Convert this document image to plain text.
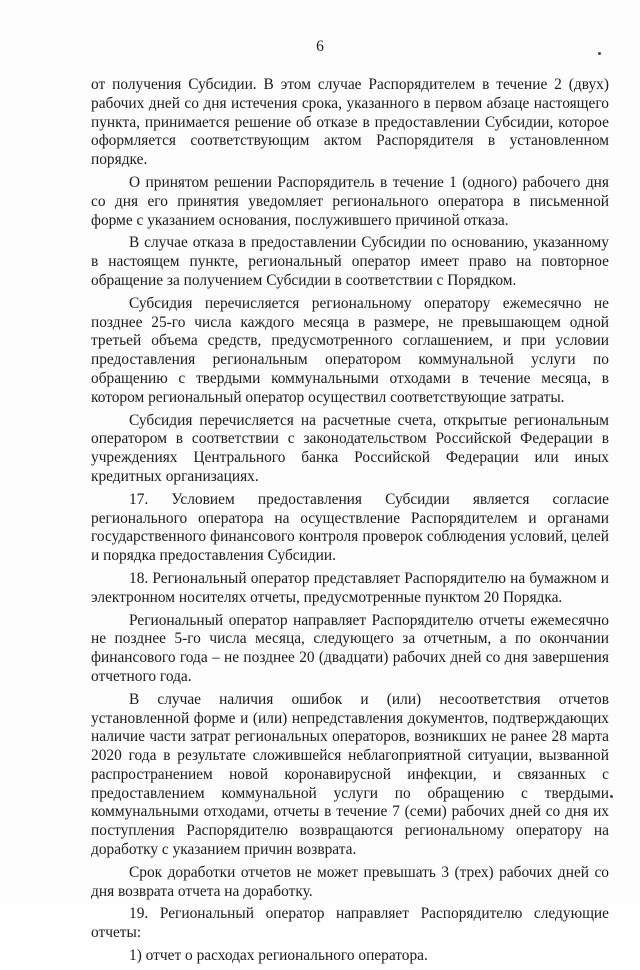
6

от получения Субсидии. В этом случае Распорядителем в течение 2 (двух) рабочих дней со дня истечения срока, указанного в первом абзаце настоящего пункта, принимается решение об отказе в предоставлении Субсидии, которое оформляется соответствующим актом Распорядителя в установленном порядке.

О принятом решении Распорядитель в течение 1 (одного) рабочего дня со дня его принятия уведомляет регионального оператора в письменной форме с указанием основания, послужившего причиной отказа.

В случае отказа в предоставлении Субсидии по основанию, указанному в настоящем пункте, региональный оператор имеет право на повторное обращение за получением Субсидии в соответствии с Порядком.

Субсидия перечисляется региональному оператору ежемесячно не позднее 25-го числа каждого месяца в размере, не превышающем одной третьей объема средств, предусмотренного соглашением, и при условии предоставления региональным оператором коммунальной услуги по обращению с твердыми коммунальными отходами в течение месяца, в котором региональный оператор осуществил соответствующие затраты.

Субсидия перечисляется на расчетные счета, открытые региональным оператором в соответствии с законодательством Российской Федерации в учреждениях Центрального банка Российской Федерации или иных кредитных организациях.

17. Условием предоставления Субсидии является согласие регионального оператора на осуществление Распорядителем и органами государственного финансового контроля проверок соблюдения условий, целей и порядка предоставления Субсидии.

18. Региональный оператор представляет Распорядителю на бумажном и электронном носителях отчеты, предусмотренные пунктом 20 Порядка.

Региональный оператор направляет Распорядителю отчеты ежемесячно не позднее 5-го числа месяца, следующего за отчетным, а по окончании финансового года – не позднее 20 (двадцати) рабочих дней со дня завершения отчетного года.

В случае наличия ошибок и (или) несоответствия отчетов установленной форме и (или) непредставления документов, подтверждающих наличие части затрат региональных операторов, возникших не ранее 28 марта 2020 года в результате сложившейся неблагоприятной ситуации, вызванной распространением новой коронавирусной инфекции, и связанных с предоставлением коммунальной услуги по обращению с твердыми коммунальными отходами, отчеты в течение 7 (семи) рабочих дней со дня их поступления Распорядителю возвращаются региональному оператору на доработку с указанием причин возврата.

Срок доработки отчетов не может превышать 3 (трех) рабочих дней со дня возврата отчета на доработку.

19. Региональный оператор направляет Распорядителю следующие отчеты:

1) отчет о расходах регионального оператора.
